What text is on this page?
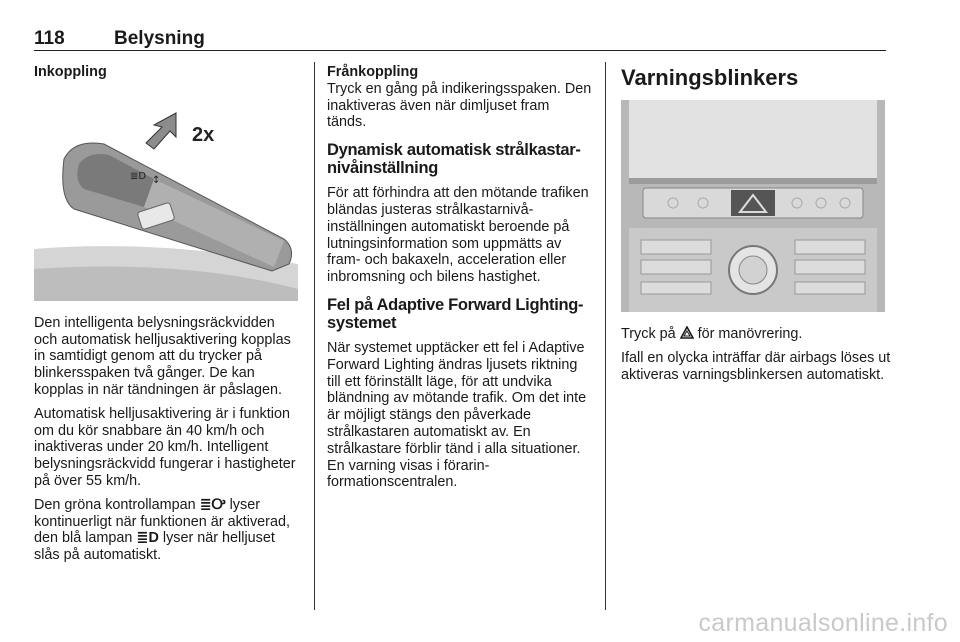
118	Belysning
Inkoppling
≣D ↕
2x

Den intelligenta belysningsräckvidden och automatisk helljusaktivering kopplas in samtidigt genom att du trycker på blinkersspaken två gånger. De kan kopplas in när tändningen är påslagen.

Automatisk helljusaktivering är i funktion om du kör snabbare än 40 km/h och inaktiveras under 20 km/h. Intelligent belysningsräckvidd fungerar i hastigheter på över 55 km/h.

Den gröna kontrollampan ≣Ꭴ lyser kontinuerligt när funktionen är aktiverad, den blå lampan ≣D lyser när helljuset slås på automatiskt.

Frånkoppling

Tryck en gång på indikeringsspaken. Den inaktiveras även när dimljuset fram tänds.

Dynamisk automatisk strålkastarnivåinställning

För att förhindra att den mötande trafiken bländas justeras strålkastarnivåinställningen automatiskt beroende på lutningsinformation som uppmätts av fram- och bakaxeln, acceleration eller inbromsning och bilens hastighet.

Fel på Adaptive Forward Lighting-systemet

När systemet upptäcker ett fel i Adaptive Forward Lighting ändras ljusets riktning till ett förinställt läge, för att undvika bländning av mötande trafik. Om det inte är möjligt stängs den påverkade strålkastaren automatiskt av. En strålkastare förblir tänd i alla situationer. En varning visas i förarinformationscentralen.

Varningsblinkers

Tryck på för manövrering.

Ifall en olycka inträffar där airbags löses ut aktiveras varningsblinkersen automatiskt.

carmanualsonline.info
